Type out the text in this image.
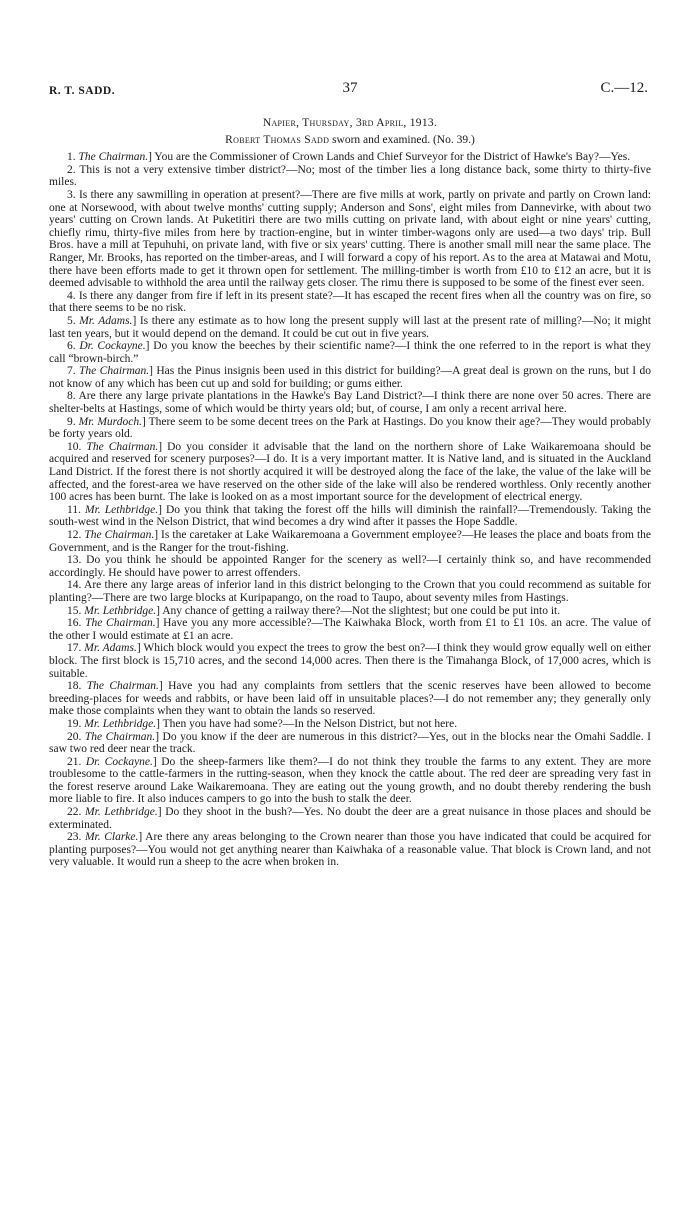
R. T. SADD.	37	C.—12.
Napier, Thursday, 3rd April, 1913.
Robert Thomas Sadd sworn and examined. (No. 39.)

1. The Chairman.] You are the Commissioner of Crown Lands and Chief Surveyor for the District of Hawke's Bay?—Yes.

2. This is not a very extensive timber district?—No; most of the timber lies a long distance back, some thirty to thirty-five miles.

3. Is there any sawmilling in operation at present?—There are five mills at work, partly on private and partly on Crown land: one at Norsewood, with about twelve months' cutting supply; Anderson and Sons', eight miles from Dannevirke, with about two years' cutting on Crown lands. At Puketitiri there are two mills cutting on private land, with about eight or nine years' cutting, chiefly rimu, thirty-five miles from here by traction-engine, but in winter timber-wagons only are used—a two days' trip. Bull Bros. have a mill at Tepuhuhi, on private land, with five or six years' cutting. There is another small mill near the same place. The Ranger, Mr. Brooks, has reported on the timber-areas, and I will forward a copy of his report. As to the area at Matawai and Motu, there have been efforts made to get it thrown open for settlement. The milling-timber is worth from £10 to £12 an acre, but it is deemed advisable to withhold the area until the railway gets closer. The rimu there is supposed to be some of the finest ever seen.

4. Is there any danger from fire if left in its present state?—It has escaped the recent fires when all the country was on fire, so that there seems to be no risk.

5. Mr. Adams.] Is there any estimate as to how long the present supply will last at the present rate of milling?—No; it might last ten years, but it would depend on the demand. It could be cut out in five years.

6. Dr. Cockayne.] Do you know the beeches by their scientific name?—I think the one referred to in the report is what they call “brown-birch.”

7. The Chairman.] Has the Pinus insignis been used in this district for building?—A great deal is grown on the runs, but I do not know of any which has been cut up and sold for building; or gums either.

8. Are there any large private plantations in the Hawke's Bay Land District?—I think there are none over 50 acres. There are shelter-belts at Hastings, some of which would be thirty years old; but, of course, I am only a recent arrival here.

9. Mr. Murdoch.] There seem to be some decent trees on the Park at Hastings. Do you know their age?—They would probably be forty years old.

10. The Chairman.] Do you consider it advisable that the land on the northern shore of Lake Waikaremoana should be acquired and reserved for scenery purposes?—I do. It is a very important matter. It is Native land, and is situated in the Auckland Land District. If the forest there is not shortly acquired it will be destroyed along the face of the lake, the value of the lake will be affected, and the forest-area we have reserved on the other side of the lake will also be rendered worthless. Only recently another 100 acres has been burnt. The lake is looked on as a most important source for the development of electrical energy.

11. Mr. Lethbridge.] Do you think that taking the forest off the hills will diminish the rainfall?—Tremendously. Taking the south-west wind in the Nelson District, that wind becomes a dry wind after it passes the Hope Saddle.

12. The Chairman.] Is the caretaker at Lake Waikaremoana a Government employee?—He leases the place and boats from the Government, and is the Ranger for the trout-fishing.

13. Do you think he should be appointed Ranger for the scenery as well?—I certainly think so, and have recommended accordingly. He should have power to arrest offenders.

14. Are there any large areas of inferior land in this district belonging to the Crown that you could recommend as suitable for planting?—There are two large blocks at Kuripapango, on the road to Taupo, about seventy miles from Hastings.

15. Mr. Lethbridge.] Any chance of getting a railway there?—Not the slightest; but one could be put into it.

16. The Chairman.] Have you any more accessible?—The Kaiwhaka Block, worth from £1 to £1 10s. an acre. The value of the other I would estimate at £1 an acre.

17. Mr. Adams.] Which block would you expect the trees to grow the best on?—I think they would grow equally well on either block. The first block is 15,710 acres, and the second 14,000 acres. Then there is the Timahanga Block, of 17,000 acres, which is suitable.

18. The Chairman.] Have you had any complaints from settlers that the scenic reserves have been allowed to become breeding-places for weeds and rabbits, or have been laid off in unsuitable places?—I do not remember any; they generally only make those complaints when they want to obtain the lands so reserved.

19. Mr. Lethbridge.] Then you have had some?—In the Nelson District, but not here.

20. The Chairman.] Do you know if the deer are numerous in this district?—Yes, out in the blocks near the Omahi Saddle. I saw two red deer near the track.

21. Dr. Cockayne.] Do the sheep-farmers like them?—I do not think they trouble the farms to any extent. They are more troublesome to the cattle-farmers in the rutting-season, when they knock the cattle about. The red deer are spreading very fast in the forest reserve around Lake Waikaremoana. They are eating out the young growth, and no doubt thereby rendering the bush more liable to fire. It also induces campers to go into the bush to stalk the deer.

22. Mr. Lethbridge.] Do they shoot in the bush?—Yes. No doubt the deer are a great nuisance in those places and should be exterminated.

23. Mr. Clarke.] Are there any areas belonging to the Crown nearer than those you have indicated that could be acquired for planting purposes?—You would not get anything nearer than Kaiwhaka of a reasonable value. That block is Crown land, and not very valuable. It would run a sheep to the acre when broken in.
